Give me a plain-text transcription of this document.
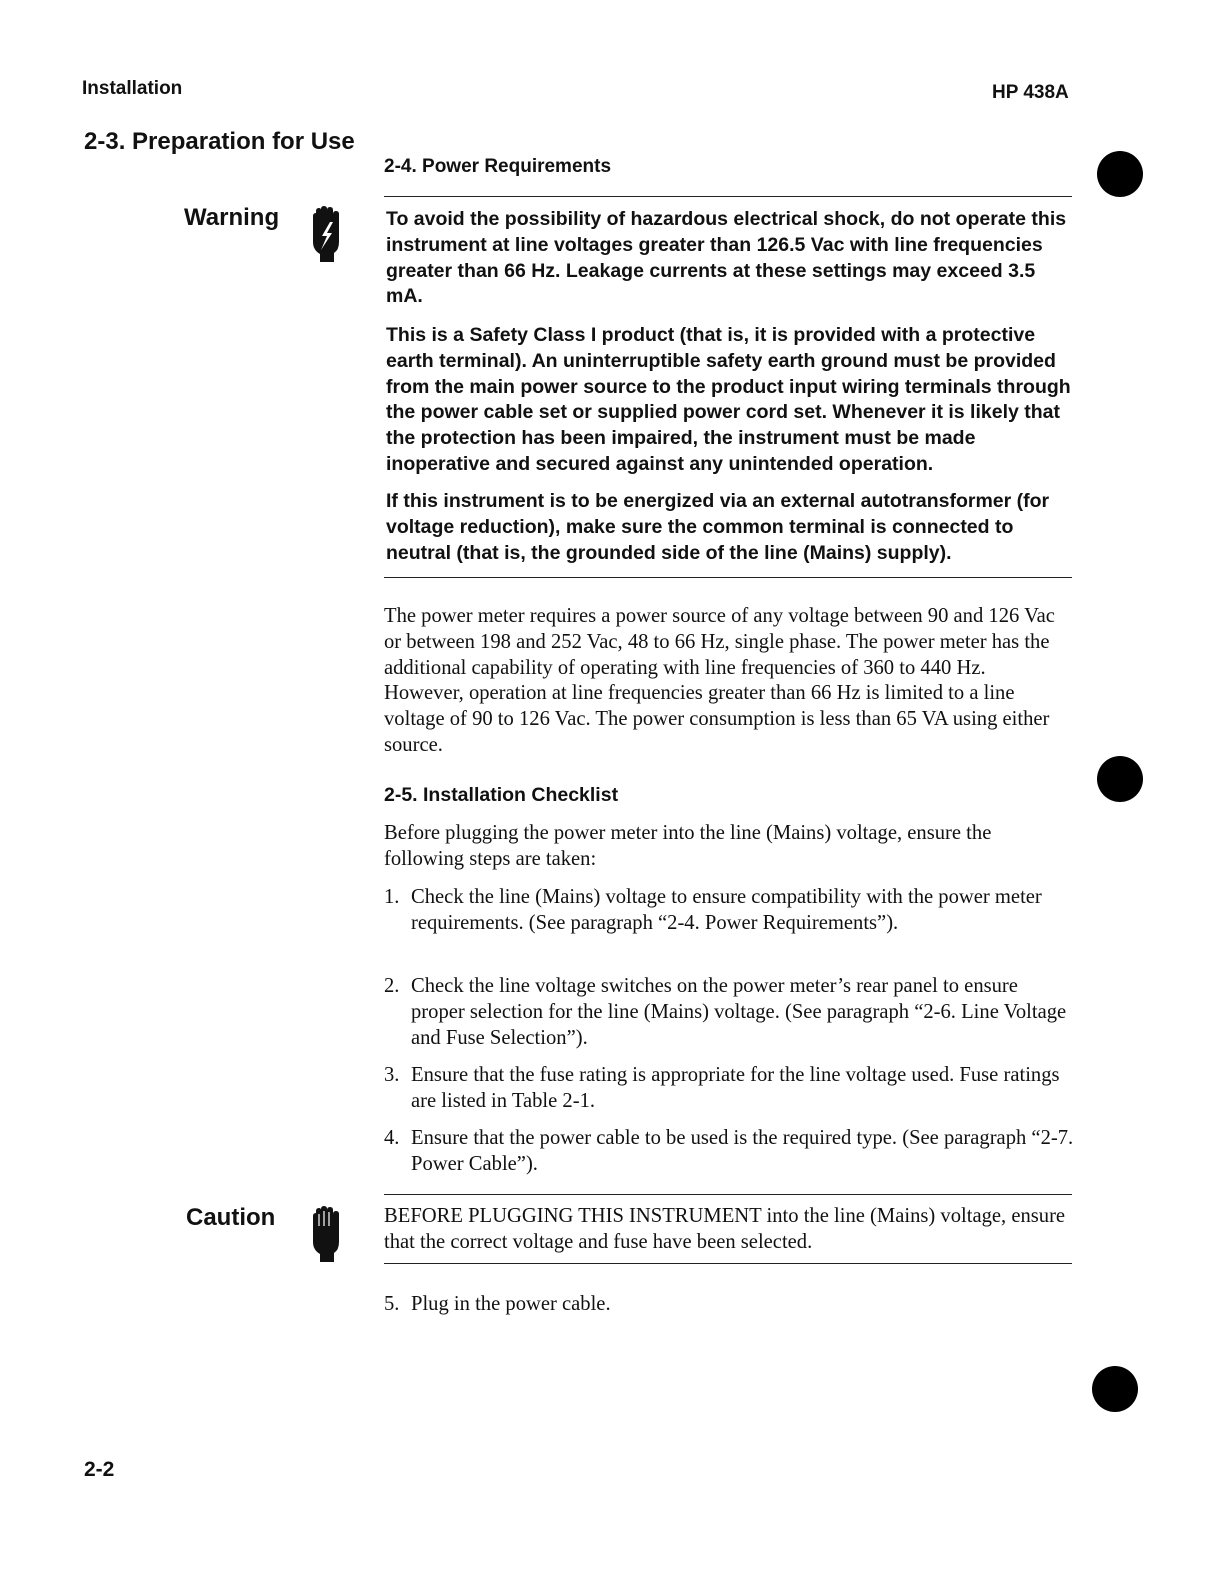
Installation	HP 438A
2-3. Preparation for Use
2-4. Power Requirements
Warning	To avoid the possibility of hazardous electrical shock, do not operate this instrument at line voltages greater than 126.5 Vac with line frequencies greater than 66 Hz. Leakage currents at these settings may exceed 3.5 mA.
This is a Safety Class I product (that is, it is provided with a protective earth terminal). An uninterruptible safety earth ground must be provided from the main power source to the product input wiring terminals through the power cable set or supplied power cord set. Whenever it is likely that the protection has been impaired, the instrument must be made inoperative and secured against any unintended operation.
If this instrument is to be energized via an external autotransformer (for voltage reduction), make sure the common terminal is connected to neutral (that is, the grounded side of the line (Mains) supply).
The power meter requires a power source of any voltage between 90 and 126 Vac or between 198 and 252 Vac, 48 to 66 Hz, single phase. The power meter has the additional capability of operating with line frequencies of 360 to 440 Hz. However, operation at line frequencies greater than 66 Hz is limited to a line voltage of 90 to 126 Vac. The power consumption is less than 65 VA using either source.
2-5. Installation Checklist
Before plugging the power meter into the line (Mains) voltage, ensure the following steps are taken:
1. Check the line (Mains) voltage to ensure compatibility with the power meter requirements. (See paragraph “2-4. Power Requirements”).
2. Check the line voltage switches on the power meter’s rear panel to ensure proper selection for the line (Mains) voltage. (See paragraph “2-6. Line Voltage and Fuse Selection”).
3. Ensure that the fuse rating is appropriate for the line voltage used. Fuse ratings are listed in Table 2-1.
4. Ensure that the power cable to be used is the required type. (See paragraph “2-7. Power Cable”).
Caution	BEFORE PLUGGING THIS INSTRUMENT into the line (Mains) voltage, ensure that the correct voltage and fuse have been selected.
5. Plug in the power cable.
2-2
